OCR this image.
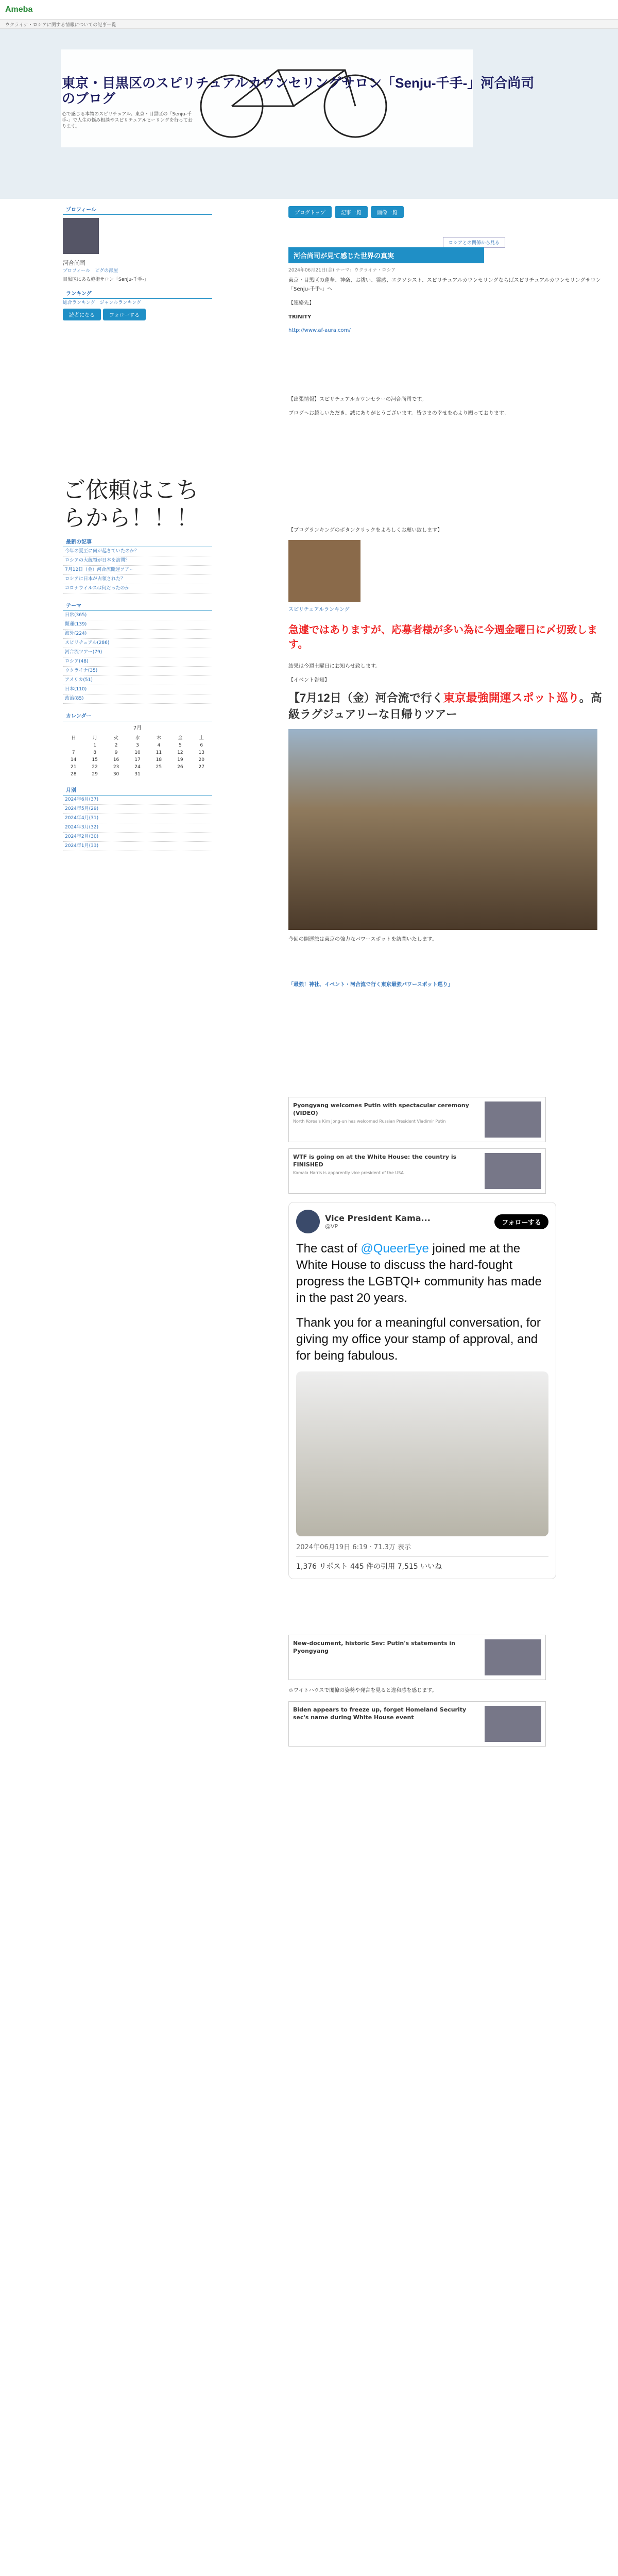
Ameba
ウクライナ・ロシアに関する情報についての記事一覧
東京・目黒区のスピリチュアルカウンセリングサロン「Senju-千手-」河合尚司のブログ
心で感じる本物のスピリチュアル。東京・目黒区の「Senju-千手-」で人生の悩み相談やスピリチュアルヒーリングを行っております。
ブログトップ	記事一覧	画像一覧
ロシアとの関係から見る
プロフィール
河合尚司
プロフィール　ピグの部屋
目黒区にある施術サロン「Senju-千手-」
ランキング
総合ランキング　ジャンルランキング
読者になる	フォローする
ご依頼はこちらから！！！
最新の記事
今年の夏至に何が起きていたのか？
ロシアの大統領が日本を訪問？
7月12日（金）河合流開運ツアー
ロシアに日本が占領された？
コロナウイルスは何だったのか
テーマ
日常(365)
開運(139)
海外(224)
スピリチュアル(286)
河合流ツアー(79)
ロシア(48)
ウクライナ(35)
アメリカ(51)
日本(110)
政治(85)
カレンダー
7月
日	月	火	水	木	金	土
	1	2	3	4	5	6
7	8	9	10	11	12	13
14	15	16	17	18	19	20
21	22	23	24	25	26	27
28	29	30	31			
月別
2024年6月(37)
2024年5月(29)
2024年4月(31)
2024年3月(32)
2024年2月(30)
2024年1月(33)
河合尚司が見て感じた世界の真実
2024年06月21日(金) テーマ：ウクライナ・ロシア

東京・目黒区の蓮華、神楽、お祓い、霊感、エクソシスト、スピリチュアルカウンセリングならばスピリチュアルカウンセリングサロン「Senju-千手-」へ

【連絡先】

TRINITY

http://www.af-aura.com/

【出張情報】スピリチュアルカウンセラーの河合尚司です。

ブログへお越しいただき、誠にありがとうございます。皆さまの幸せを心より願っております。

【ブログランキングのボタンクリックをよろしくお願い致します】

スピリチュアルランキング
急遽ではありますが、応募者様が多い為に今週金曜日に〆切致します。

結果は今週土曜日にお知らせ致します。

【イベント告知】

【7月12日（金）河合流で行く東京最強開運スポット巡り。高級ラグジュアリーな日帰りツアー

今回の開運旅は東京の強力なパワースポットを訪問いたします。

「最強！神社、イベント・河合流で行く東京最強パワースポット巡り」
Pyongyang welcomes Putin with spectacular ceremony (VIDEO)
North Korea's Kim Jong-un has welcomed Russian President Vladimir Putin
WTF is going on at the White House: the country is FINISHED
Kamala Harris is apparently vice president of the USA
Vice President Kama...
@VP	フォローする
The cast of @QueerEye joined me at the White House to discuss the hard-fought progress the LGBTQI+ community has made in the past 20 years.
Thank you for a meaningful conversation, for giving my office your stamp of approval, and for being fabulous.
2024年06月19日 6:19 · 71.3万 表示
1,376 リポスト 445 件の引用 7,515 いいね
New-document, historic Sev: Putin's statements in Pyongyang

ホワイトハウスで閣僚の姿勢や発言を見ると違和感を感じます。

Biden appears to freeze up, forget Homeland Security sec's name during White House event
